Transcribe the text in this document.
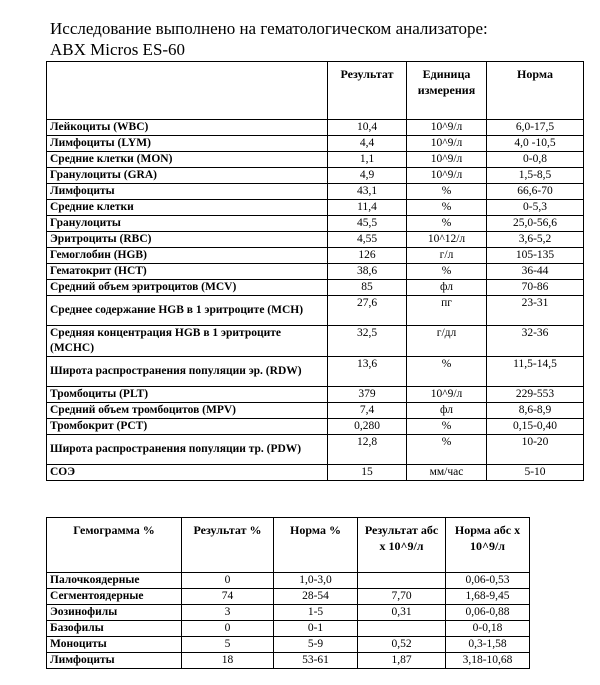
Исследование выполнено на гематологическом анализаторе:
ABX Micros ES-60
	Результат	Единица измерения	Норма
Лейкоциты (WBC)	10,4	10^9/л	6,0-17,5
Лимфоциты (LYM)	4,4	10^9/л	4,0 -10,5
Средние клетки (MON)	1,1	10^9/л	0-0,8
Гранулоциты (GRA)	4,9	10^9/л	1,5-8,5
Лимфоциты	43,1	%	66,6-70
Средние клетки	11,4	%	0-5,3
Гранулоциты	45,5	%	25,0-56,6
Эритроциты (RBC)	4,55	10^12/л	3,6-5,2
Гемоглобин (HGB)	126	г/л	105-135
Гематокрит (HCT)	38,6	%	36-44
Средний объем эритроцитов (MCV)	85	фл	70-86
Среднее содержание HGB в 1 эритроците (MCH)	27,6	пг	23-31
Средняя концентрация HGB в 1 эритроците (MCHC)	32,5	г/дл	32-36
Широта распространения популяции эр. (RDW)	13,6	%	11,5-14,5
Тромбоциты (PLT)	379	10^9/л	229-553
Средний объем тромбоцитов (MPV)	7,4	фл	8,6-8,9
Тромбокрит (PCT)	0,280	%	0,15-0,40
Широта распространения популяции тр. (PDW)	12,8	%	10-20
СОЭ	15	мм/час	5-10
Гемограмма %	Результат %	Норма %	Результат абс х 10^9/л	Норма абс х 10^9/л
Палочкоядерные	0	1,0-3,0		0,06-0,53
Сегментоядерные	74	28-54	7,70	1,68-9,45
Эозинофилы	3	1-5	0,31	0,06-0,88
Базофилы	0	0-1		0-0,18
Моноциты	5	5-9	0,52	0,3-1,58
Лимфоциты	18	53-61	1,87	3,18-10,68
